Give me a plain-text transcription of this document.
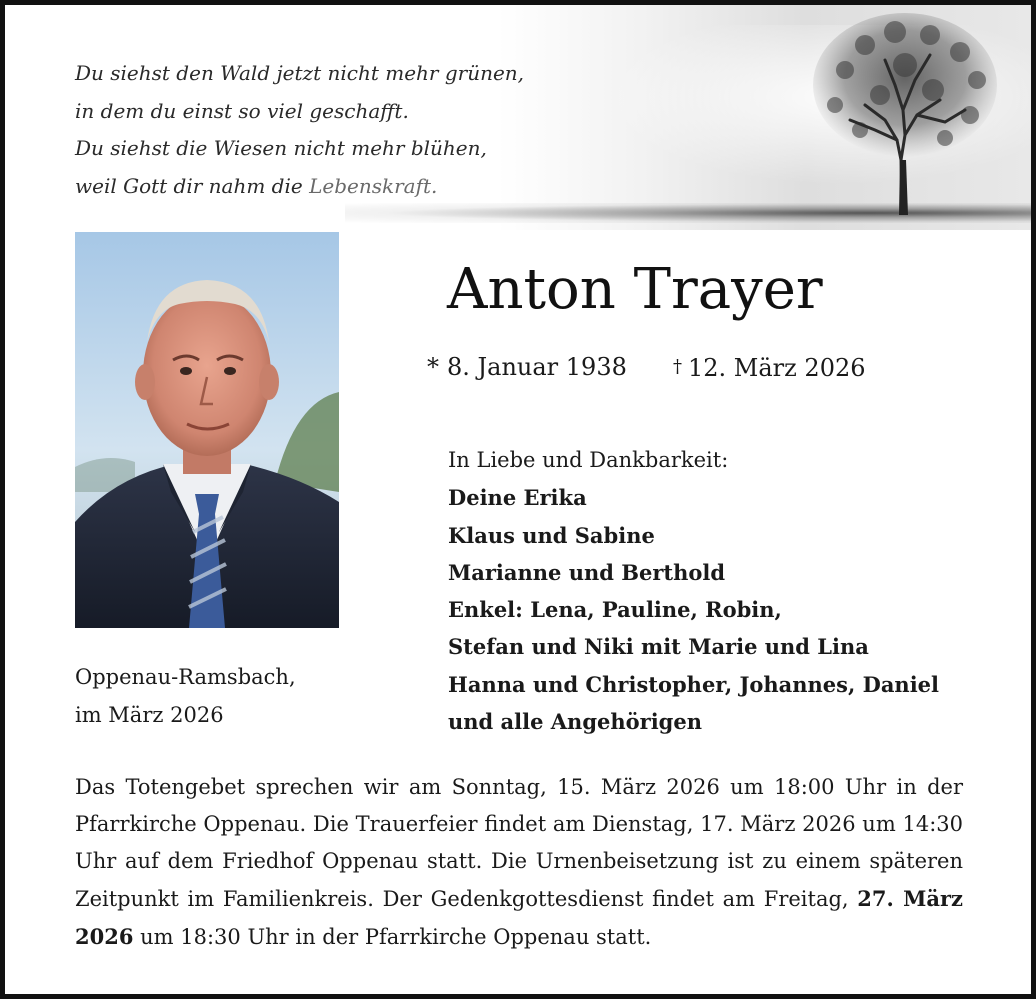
Du siehst den Wald jetzt nicht mehr grünen,
in dem du einst so viel geschafft.
Du siehst die Wiesen nicht mehr blühen,
weil Gott dir nahm die Lebenskraft.
Anton Trayer
* 8. Januar 1938	† 12. März 2026
In Liebe und Dankbarkeit:
Deine Erika
Klaus und Sabine
Marianne und Berthold
Enkel: Lena, Pauline, Robin,
Stefan und Niki mit Marie und Lina
Hanna und Christopher, Johannes, Daniel
und alle Angehörigen
Oppenau-Ramsbach,
im März 2026
Das Totengebet sprechen wir am Sonntag, 15. März 2026 um 18:00 Uhr in der Pfarrkirche Oppenau. Die Trauerfeier findet am Dienstag, 17. März 2026 um 14:30 Uhr auf dem Friedhof Oppenau statt. Die Urnenbeisetzung ist zu einem späteren Zeitpunkt im Familienkreis. Der Gedenkgottesdienst findet am Freitag, 27. März 2026 um 18:30 Uhr in der Pfarrkirche Oppenau statt.
